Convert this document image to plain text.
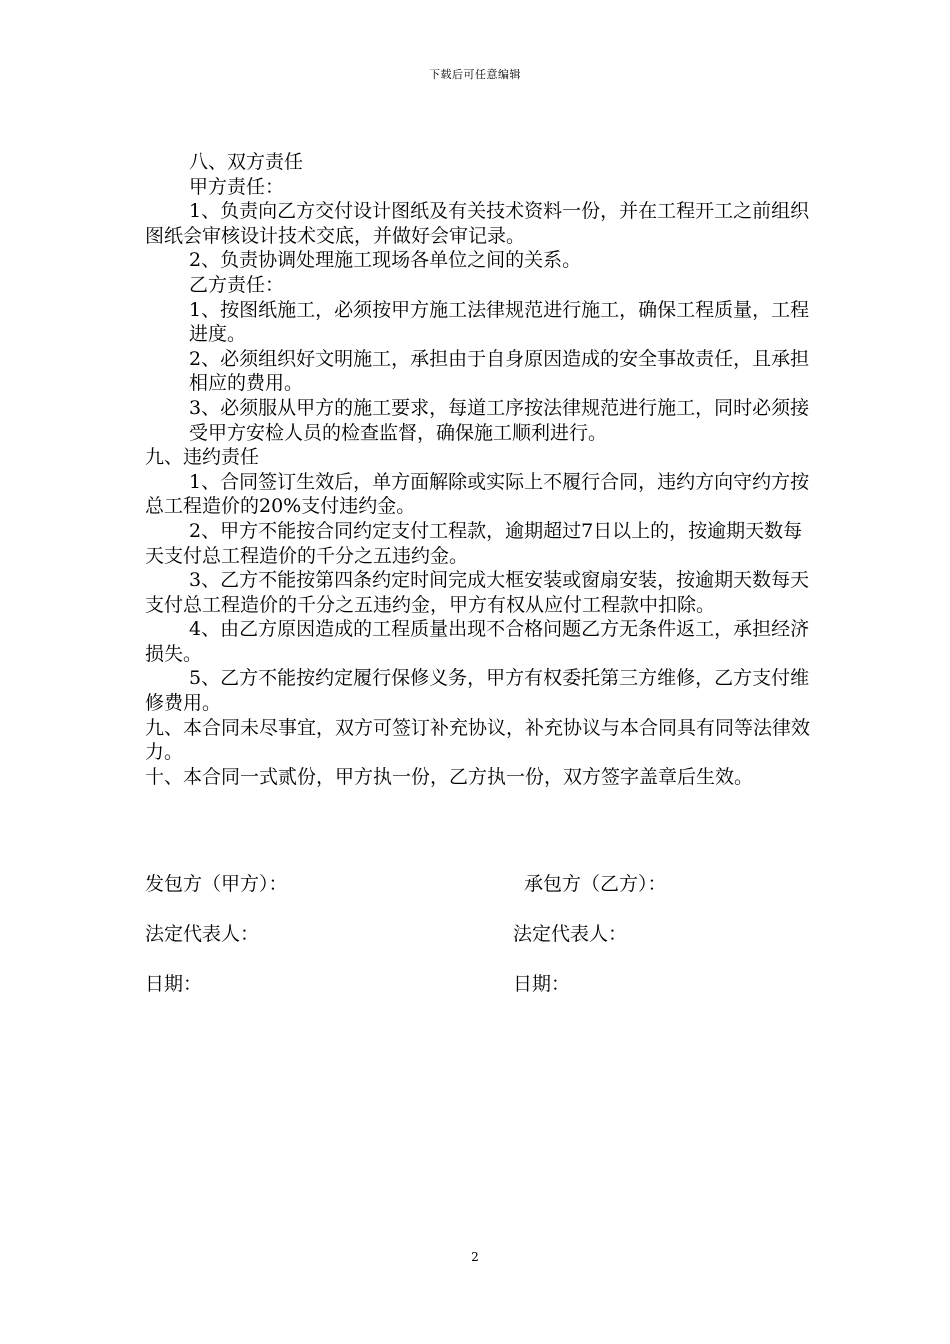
下载后可任意编辑

八、双方责任

甲方责任：

1、负责向乙方交付设计图纸及有关技术资料一份，并在工程开工之前组织图纸会审核设计技术交底，并做好会审记录。

2、负责协调处理施工现场各单位之间的关系。

乙方责任：

1、按图纸施工，必须按甲方施工法律规范进行施工，确保工程质量，工程进度。

2、必须组织好文明施工，承担由于自身原因造成的安全事故责任，且承担相应的费用。

3、必须服从甲方的施工要求，每道工序按法律规范进行施工，同时必须接受甲方安检人员的检查监督，确保施工顺利进行。

九、违约责任

1、合同签订生效后，单方面解除或实际上不履行合同，违约方向守约方按总工程造价的20%支付违约金。

2、甲方不能按合同约定支付工程款，逾期超过7日以上的，按逾期天数每天支付总工程造价的千分之五违约金。

3、乙方不能按第四条约定时间完成大框安装或窗扇安装，按逾期天数每天支付总工程造价的千分之五违约金，甲方有权从应付工程款中扣除。

4、由乙方原因造成的工程质量出现不合格问题乙方无条件返工，承担经济损失。

5、乙方不能按约定履行保修义务，甲方有权委托第三方维修，乙方支付维修费用。

九、本合同未尽事宜，双方可签订补充协议，补充协议与本合同具有同等法律效力。

十、本合同一式贰份，甲方执一份，乙方执一份，双方签字盖章后生效。

发包方（甲方）：	承包方（乙方）：
法定代表人：	法定代表人：
日期：	日期：
2
